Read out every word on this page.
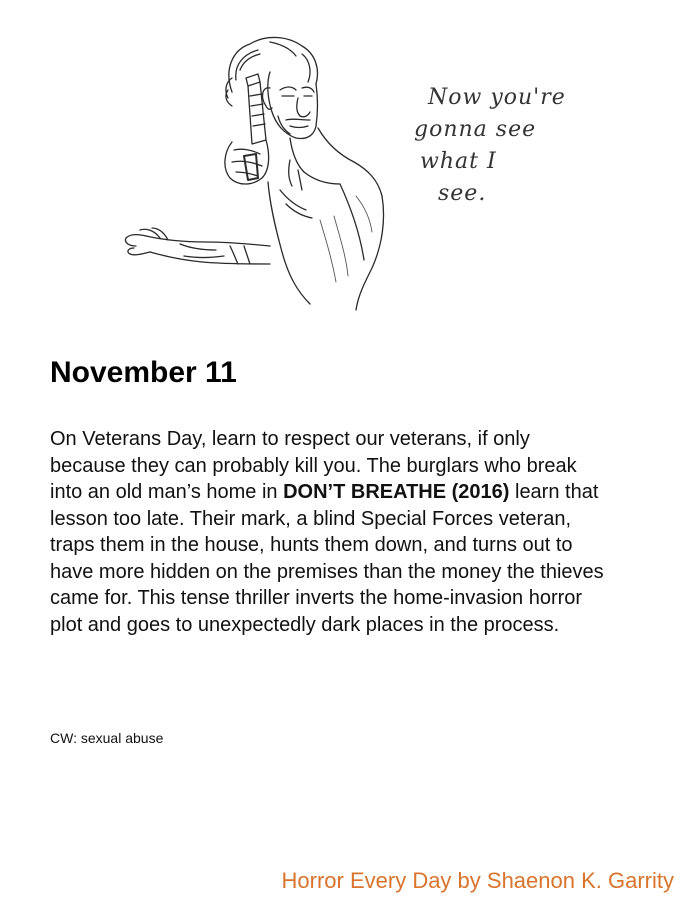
Now you're
gonna see
what I
see.
November 11

On Veterans Day, learn to respect our veterans, if only because they can probably kill you. The burglars who break into an old man’s home in DON’T BREATHE (2016) learn that lesson too late. Their mark, a blind Special Forces veteran, traps them in the house, hunts them down, and turns out to have more hidden on the premises than the money the thieves came for. This tense thriller inverts the home-invasion horror plot and goes to unexpectedly dark places in the process.

CW: sexual abuse

Horror Every Day by Shaenon K. Garrity
